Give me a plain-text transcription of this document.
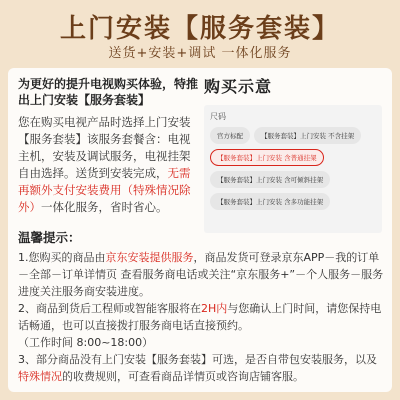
上门安装【服务套装】
送货+安装+调试 一体化服务
为更好的提升电视购买体验，特推出上门安装【服务套装】
您在购买电视产品时选择上门安装【服务套装】该服务套餐含：电视主机，安装及调试服务，电视挂架自由选择。送货到安装完成，无需再额外支付安装费用（特殊情况除外）一体化服务，省时省心。
购买示意
尺码
官方标配	【服务套装】上门安装 不含挂架
【服务套装】上门安装 含普通挂架
【服务套装】上门安装 含可倾斜挂架
【服务套装】上门安装 含多功能挂架
温馨提示：
1.您购买的商品由京东安装提供服务，商品发货可登录京东APP－我的订单－全部－订单详情页 查看服务商电话或关注“京东服务+”－个人服务－服务进度关注服务商安装进度。
2、商品到货后工程师或智能客服将在2H内与您确认上门时间，请您保持电话畅通，也可以直接拨打服务商电话直接预约。
（工作时间 8:00~18:00）
3、部分商品没有上门安装【服务套装】可选，是否自带包安装服务，以及特殊情况的收费规则，可查看商品详情页或咨询店铺客服。
